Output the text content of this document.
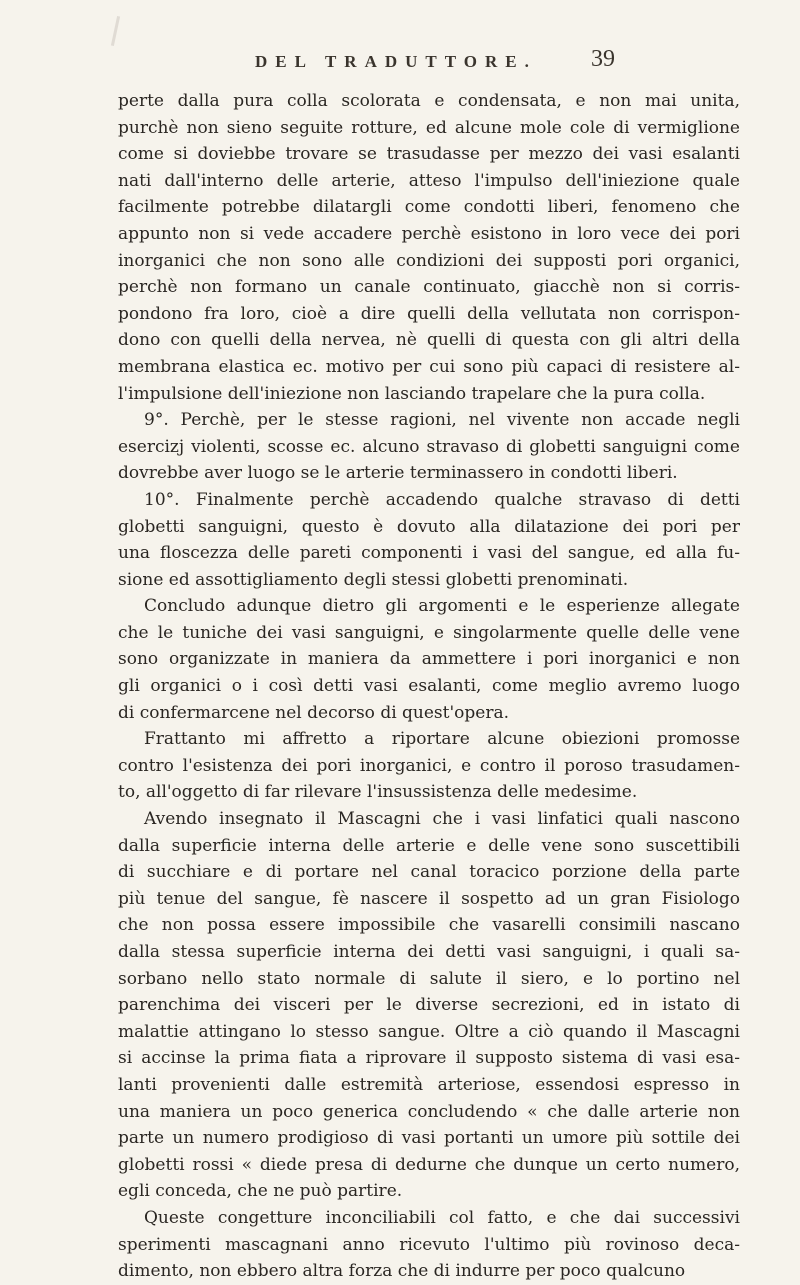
DEL TRADUTTORE. 39
perte dalla pura colla scolorata e condensata, e non mai unita,
purchè non sieno seguite rotture, ed alcune mole cole di vermiglione
come si doviebbe trovare se trasudasse per mezzo dei vasi esalanti
nati dall'interno delle arterie, atteso l'impulso dell'iniezione quale
facilmente potrebbe dilatargli come condotti liberi, fenomeno che
appunto non si vede accadere perchè esistono in loro vece dei pori
inorganici che non sono alle condizioni dei supposti pori organici,
perchè non formano un canale continuato, giacchè non si corris-
pondono fra loro, cioè a dire quelli della vellutata non corrispon-
dono con quelli della nervea, nè quelli di questa con gli altri della
membrana elastica ec. motivo per cui sono più capaci di resistere al-
l'impulsione dell'iniezione non lasciando trapelare che la pura colla.
9°. Perchè, per le stesse ragioni, nel vivente non accade negli
esercizj violenti, scosse ec. alcuno stravaso di globetti sanguigni come
dovrebbe aver luogo se le arterie terminassero in condotti liberi.
10°. Finalmente perchè accadendo qualche stravaso di detti
globetti sanguigni, questo è dovuto alla dilatazione dei pori per
una floscezza delle pareti componenti i vasi del sangue, ed alla fu-
sione ed assottigliamento degli stessi globetti prenominati.
Concludo adunque dietro gli argomenti e le esperienze allegate
che le tuniche dei vasi sanguigni, e singolarmente quelle delle vene
sono organizzate in maniera da ammettere i pori inorganici e non
gli organici o i così detti vasi esalanti, come meglio avremo luogo
di confermarcene nel decorso di quest'opera.
Frattanto mi affretto a riportare alcune obiezioni promosse
contro l'esistenza dei pori inorganici, e contro il poroso trasudamen-
to, all'oggetto di far rilevare l'insussistenza delle medesime.
Avendo insegnato il Mascagni che i vasi linfatici quali nascono
dalla superficie interna delle arterie e delle vene sono suscettibili
di succhiare e di portare nel canal toracico porzione della parte
più tenue del sangue, fè nascere il sospetto ad un gran Fisiologo
che non possa essere impossibile che vasarelli consimili nascano
dalla stessa superficie interna dei detti vasi sanguigni, i quali sa-
sorbano nello stato normale di salute il siero, e lo portino nel
parenchima dei visceri per le diverse secrezioni, ed in istato di
malattie attingano lo stesso sangue. Oltre a ciò quando il Mascagni
si accinse la prima fiata a riprovare il supposto sistema di vasi esa-
lanti provenienti dalle estremità arteriose, essendosi espresso in
una maniera un poco generica concludendo « che dalle arterie non
parte un numero prodigioso di vasi portanti un umore più sottile dei
globetti rossi « diede presa di dedurne che dunque un certo numero,
egli conceda, che ne può partire.
Queste congetture inconciliabili col fatto, e che dai successivi
sperimenti mascagnani anno ricevuto l'ultimo più rovinoso deca-
dimento, non ebbero altra forza che di indurre per poco qualcuno
